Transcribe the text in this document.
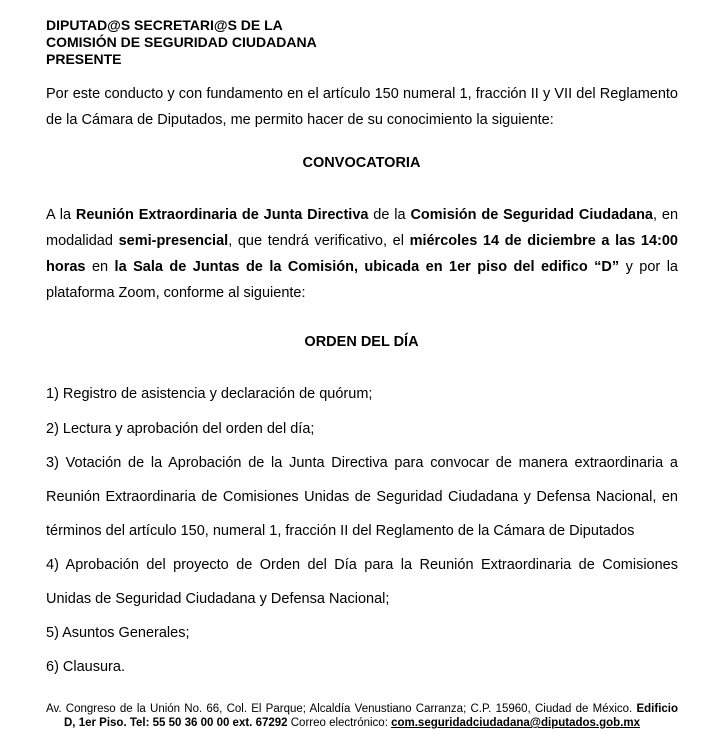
DIPUTAD@S SECRETARI@S DE LA
COMISIÓN DE SEGURIDAD CIUDADANA
PRESENTE
Por este conducto y con fundamento en el artículo 150 numeral 1, fracción II y VII del Reglamento
de la Cámara de Diputados, me permito hacer de su conocimiento la siguiente:
CONVOCATORIA
A la Reunión Extraordinaria de Junta Directiva de la Comisión de Seguridad Ciudadana, en
modalidad semi-presencial, que tendrá verificativo, el miércoles 14 de diciembre a las 14:00
horas en la Sala de Juntas de la Comisión, ubicada en 1er piso del edifico “D” y por la
plataforma Zoom, conforme al siguiente:
ORDEN DEL DÍA
1) Registro de asistencia y declaración de quórum;
2) Lectura y aprobación del orden del día;
3) Votación de la Aprobación de la Junta Directiva para convocar de manera extraordinaria a
Reunión Extraordinaria de Comisiones Unidas de Seguridad Ciudadana y Defensa Nacional, en
términos del artículo 150, numeral 1, fracción II del Reglamento de la Cámara de Diputados
4) Aprobación del proyecto de Orden del Día para la Reunión Extraordinaria de Comisiones
Unidas de Seguridad Ciudadana y Defensa Nacional;
5) Asuntos Generales;
6) Clausura.
Av. Congreso de la Unión No. 66, Col. El Parque; Alcaldía Venustiano Carranza; C.P. 15960, Ciudad de México. Edificio
D, 1er Piso. Tel: 55 50 36 00 00 ext. 67292 Correo electrónico: com.seguridadciudadana@diputados.gob.mx
